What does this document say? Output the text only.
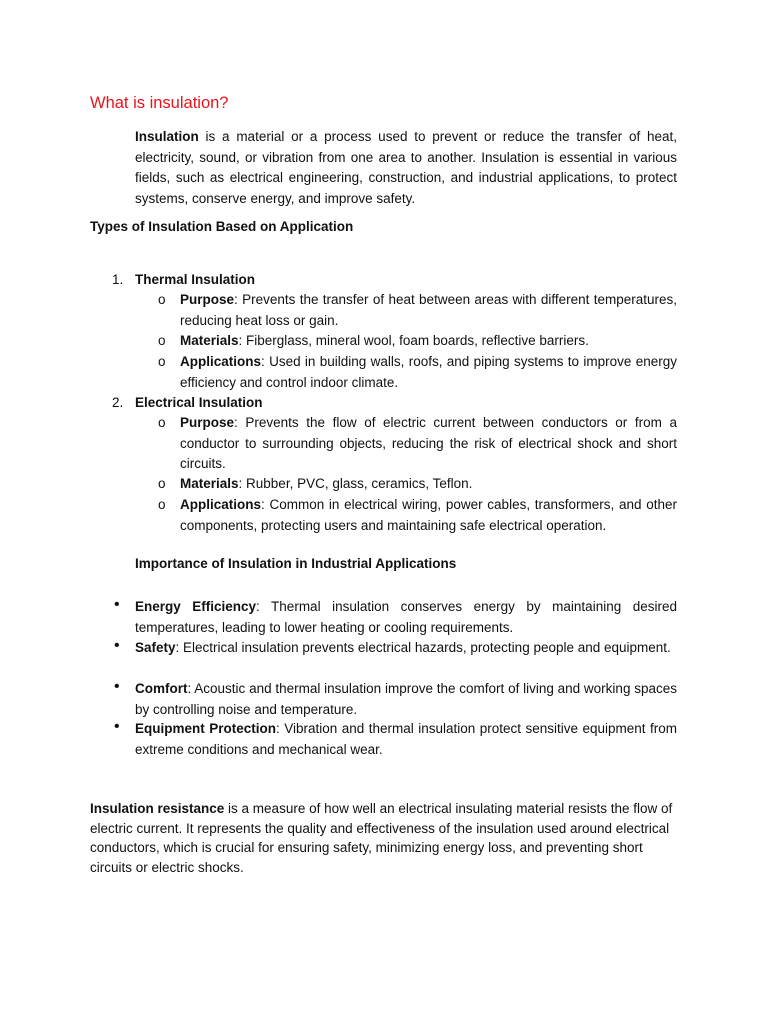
What is insulation?
Insulation is a material or a process used to prevent or reduce the transfer of heat, electricity, sound, or vibration from one area to another. Insulation is essential in various fields, such as electrical engineering, construction, and industrial applications, to protect systems, conserve energy, and improve safety.
Types of Insulation Based on Application
1. Thermal Insulation
o Purpose: Prevents the transfer of heat between areas with different temperatures, reducing heat loss or gain.
o Materials: Fiberglass, mineral wool, foam boards, reflective barriers.
o Applications: Used in building walls, roofs, and piping systems to improve energy efficiency and control indoor climate.
2. Electrical Insulation
o Purpose: Prevents the flow of electric current between conductors or from a conductor to surrounding objects, reducing the risk of electrical shock and short circuits.
o Materials: Rubber, PVC, glass, ceramics, Teflon.
o Applications: Common in electrical wiring, power cables, transformers, and other components, protecting users and maintaining safe electrical operation.
Importance of Insulation in Industrial Applications
• Energy Efficiency: Thermal insulation conserves energy by maintaining desired temperatures, leading to lower heating or cooling requirements.
• Safety: Electrical insulation prevents electrical hazards, protecting people and equipment.
• Comfort: Acoustic and thermal insulation improve the comfort of living and working spaces by controlling noise and temperature.
• Equipment Protection: Vibration and thermal insulation protect sensitive equipment from extreme conditions and mechanical wear.
Insulation resistance is a measure of how well an electrical insulating material resists the flow of electric current. It represents the quality and effectiveness of the insulation used around electrical conductors, which is crucial for ensuring safety, minimizing energy loss, and preventing short circuits or electric shocks.
